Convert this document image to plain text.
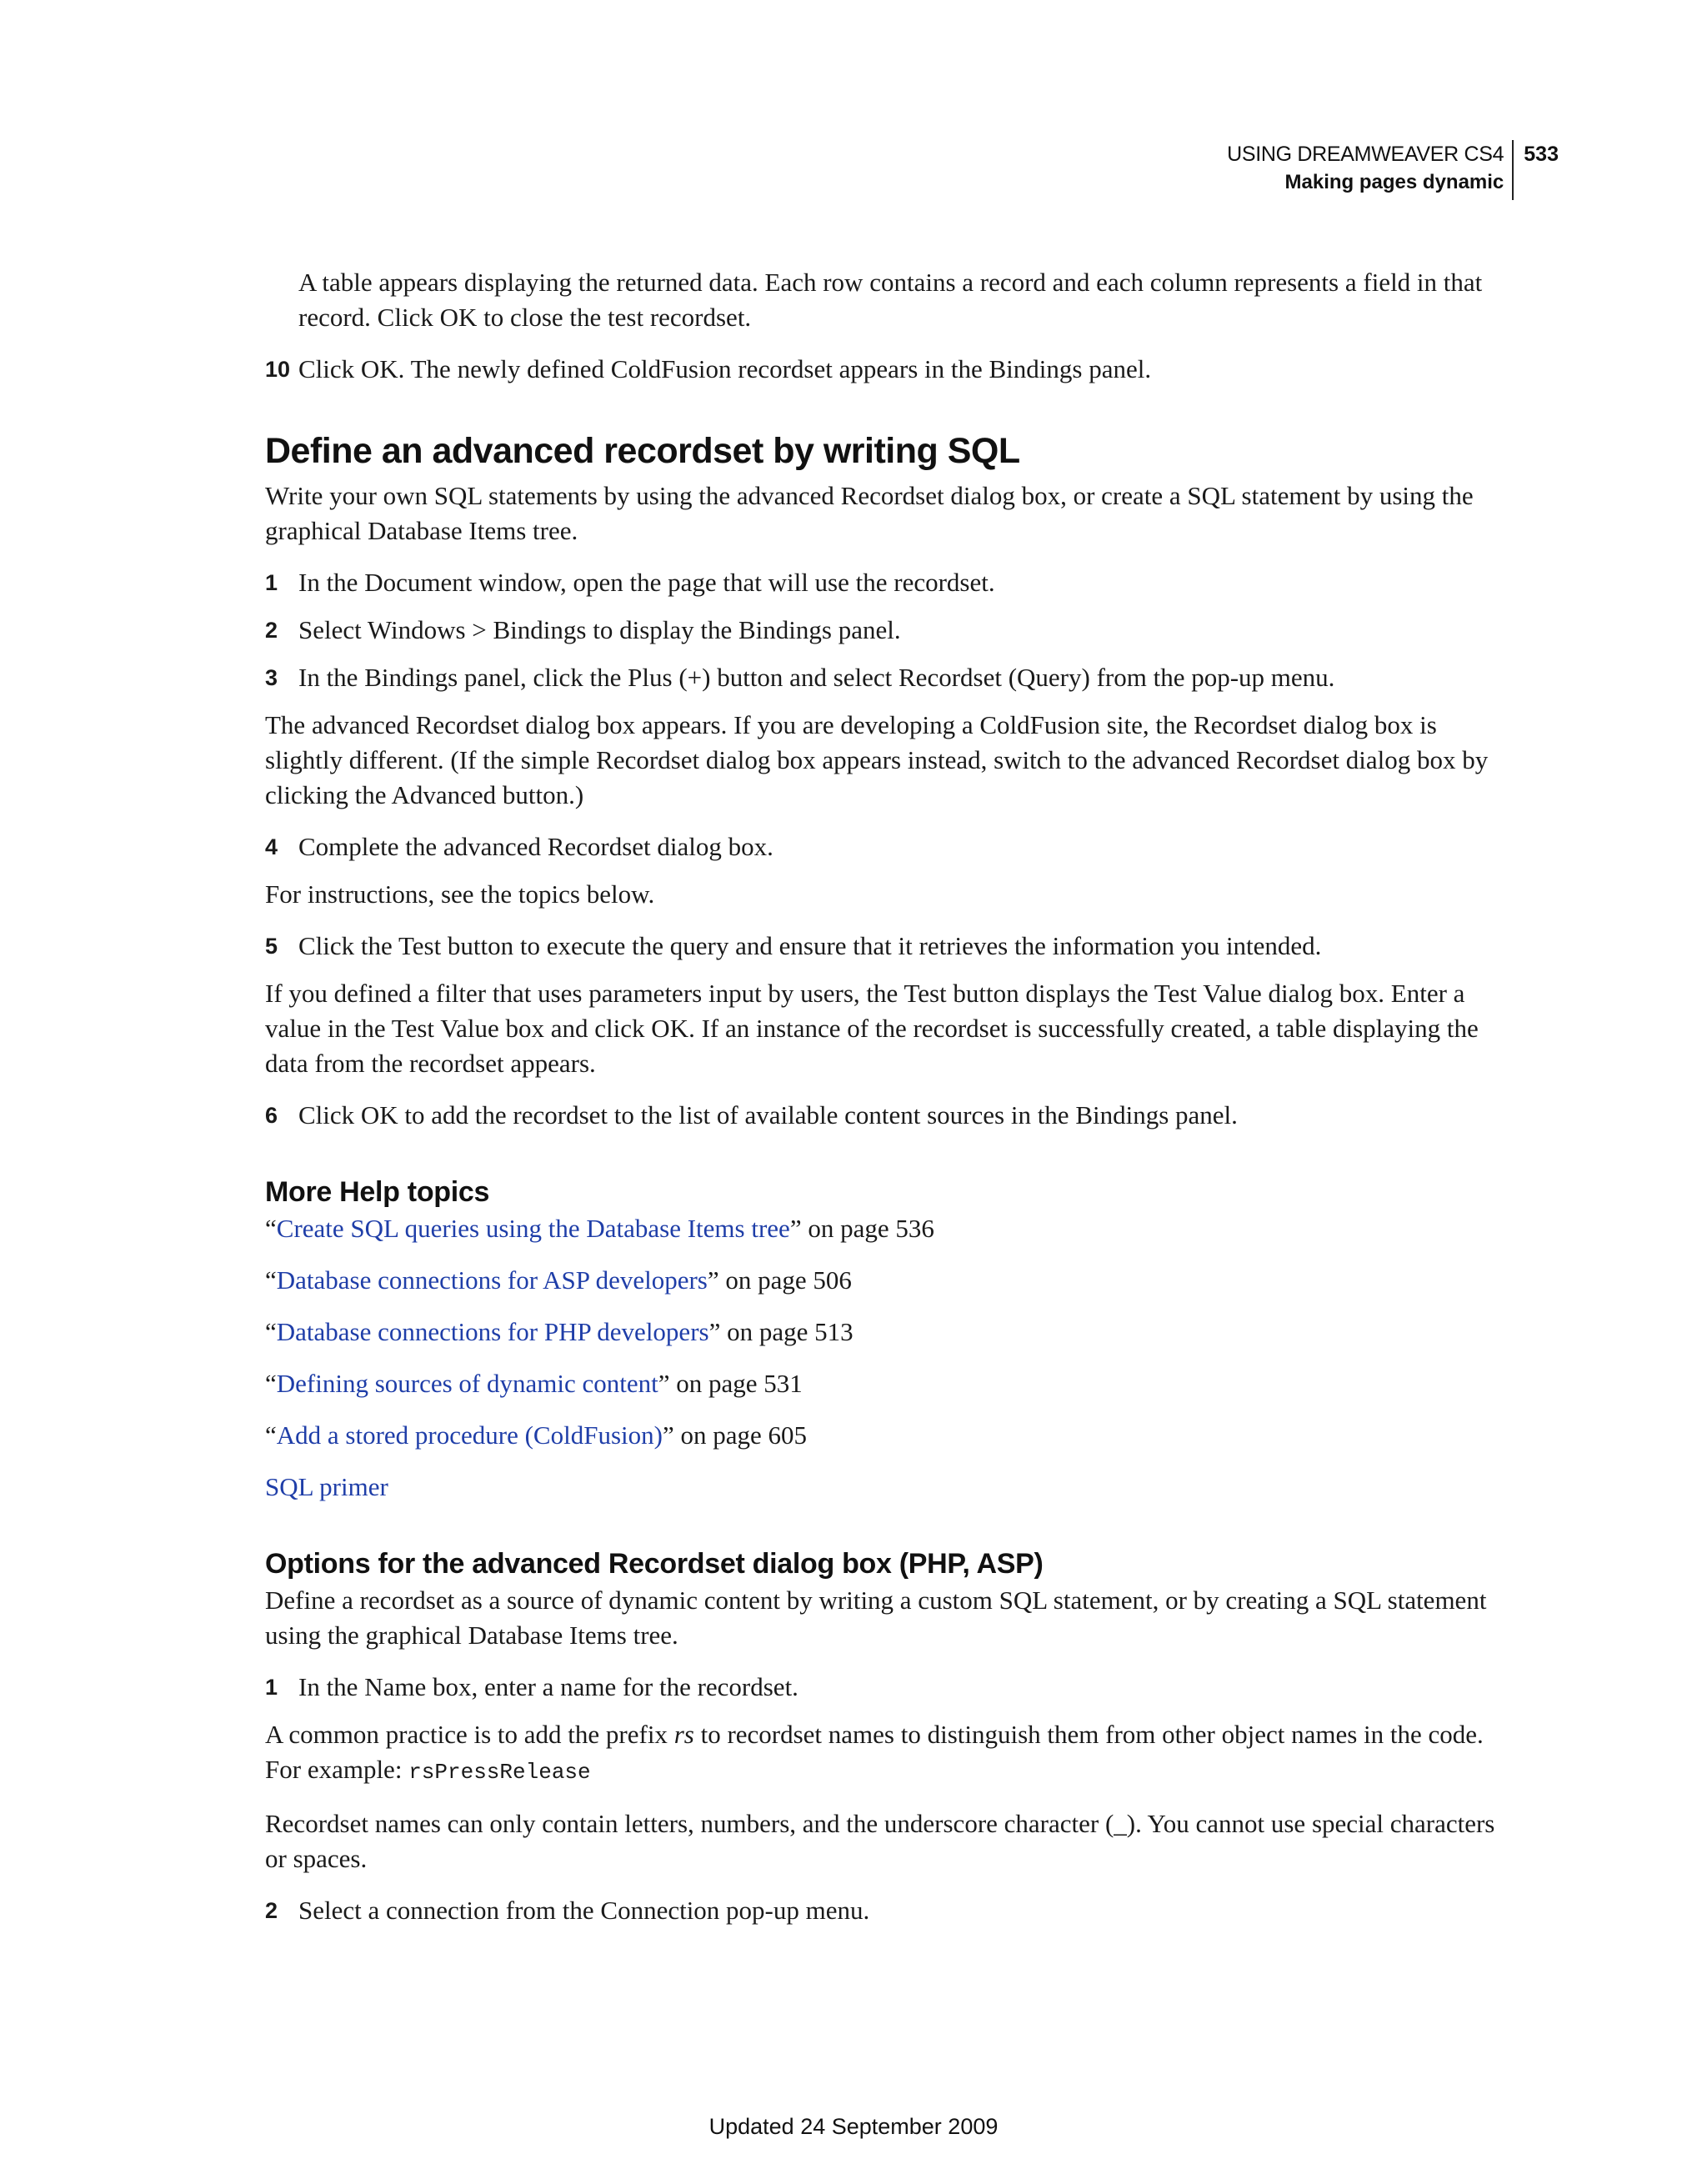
USING DREAMWEAVER CS4
Making pages dynamic
533

A table appears displaying the returned data. Each row contains a record and each column represents a field in that record. Click OK to close the test recordset.

10 Click OK. The newly defined ColdFusion recordset appears in the Bindings panel.
Define an advanced recordset by writing SQL

Write your own SQL statements by using the advanced Recordset dialog box, or create a SQL statement by using the graphical Database Items tree.

1 In the Document window, open the page that will use the recordset.
2 Select Windows > Bindings to display the Bindings panel.
3 In the Bindings panel, click the Plus (+) button and select Recordset (Query) from the pop-up menu.

The advanced Recordset dialog box appears. If you are developing a ColdFusion site, the Recordset dialog box is slightly different. (If the simple Recordset dialog box appears instead, switch to the advanced Recordset dialog box by clicking the Advanced button.)

4 Complete the advanced Recordset dialog box.

For instructions, see the topics below.

5 Click the Test button to execute the query and ensure that it retrieves the information you intended.

If you defined a filter that uses parameters input by users, the Test button displays the Test Value dialog box. Enter a value in the Test Value box and click OK. If an instance of the recordset is successfully created, a table displaying the data from the recordset appears.

6 Click OK to add the recordset to the list of available content sources in the Bindings panel.
More Help topics
“Create SQL queries using the Database Items tree” on page 536
“Database connections for ASP developers” on page 506
“Database connections for PHP developers” on page 513
“Defining sources of dynamic content” on page 531
“Add a stored procedure (ColdFusion)” on page 605
SQL primer
Options for the advanced Recordset dialog box (PHP, ASP)

Define a recordset as a source of dynamic content by writing a custom SQL statement, or by creating a SQL statement using the graphical Database Items tree.

1 In the Name box, enter a name for the recordset.

A common practice is to add the prefix rs to recordset names to distinguish them from other object names in the code. For example: rsPressRelease

Recordset names can only contain letters, numbers, and the underscore character (_). You cannot use special characters or spaces.

2 Select a connection from the Connection pop-up menu.
Updated 24 September 2009
